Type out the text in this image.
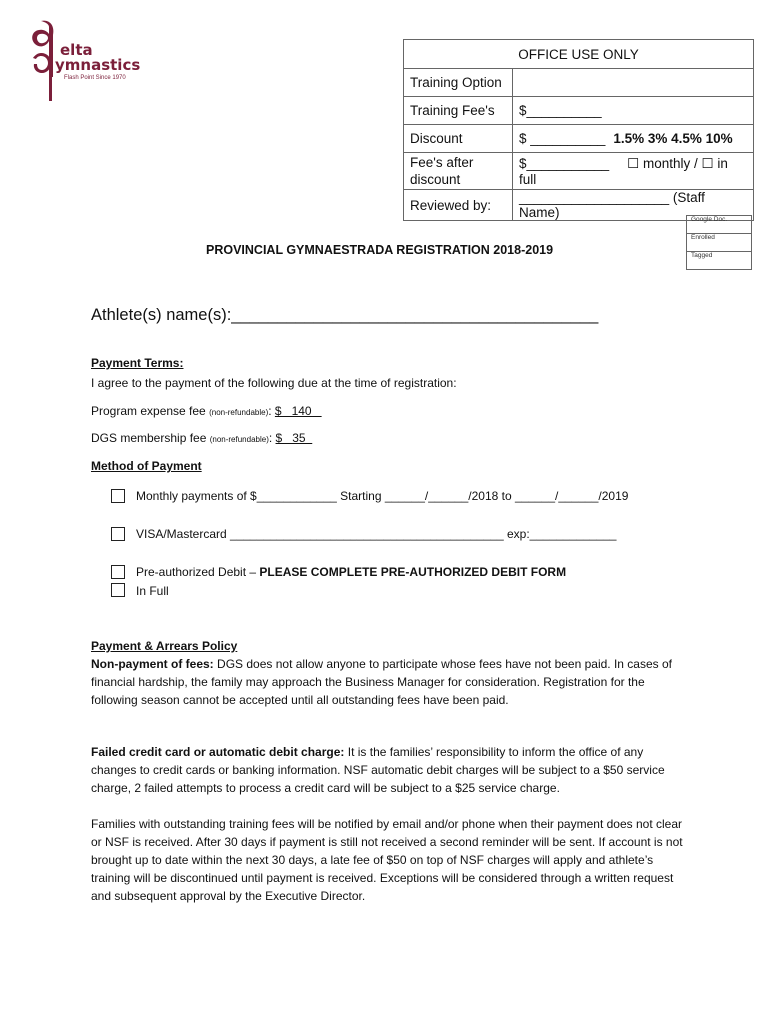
elta
ymnastics
Flash Point Since 1970
OFFICE USE ONLY	
Training Option	
Training Fee's	$__________
Discount	$ __________ 1.5% 3% 4.5% 10%
Fee's after discount	$___________ ☐ monthly / ☐ in full
Reviewed by:	____________________ (Staff Name)	Google Doc.
Enrolled
Tagged
PROVINCIAL GYMNAESTRADA REGISTRATION 2018-2019
Athlete(s) name(s):________________________________________
Payment Terms:
I agree to the payment of the following due at the time of registration:
Program expense fee (non-refundable): $   140
DGS membership fee (non-refundable): $   35
Method of Payment
Monthly payments of $____________ Starting ______/______/2018 to ______/______/2019
VISA/Mastercard _________________________________________ exp:_____________
Pre-authorized Debit – PLEASE COMPLETE PRE-AUTHORIZED DEBIT FORM
In Full
Payment & Arrears Policy
Non-payment of fees: DGS does not allow anyone to participate whose fees have not been paid. In cases of financial hardship, the family may approach the Business Manager for consideration. Registration for the following season cannot be accepted until all outstanding fees have been paid.
Failed credit card or automatic debit charge: It is the families’ responsibility to inform the office of any changes to credit cards or banking information. NSF automatic debit charges will be subject to a $50 service charge, 2 failed attempts to process a credit card will be subject to a $25 service charge.
Families with outstanding training fees will be notified by email and/or phone when their payment does not clear or NSF is received. After 30 days if payment is still not received a second reminder will be sent. If account is not brought up to date within the next 30 days, a late fee of $50 on top of NSF charges will apply and athlete’s training will be discontinued until payment is received. Exceptions will be considered through a written request and subsequent approval by the Executive Director.
